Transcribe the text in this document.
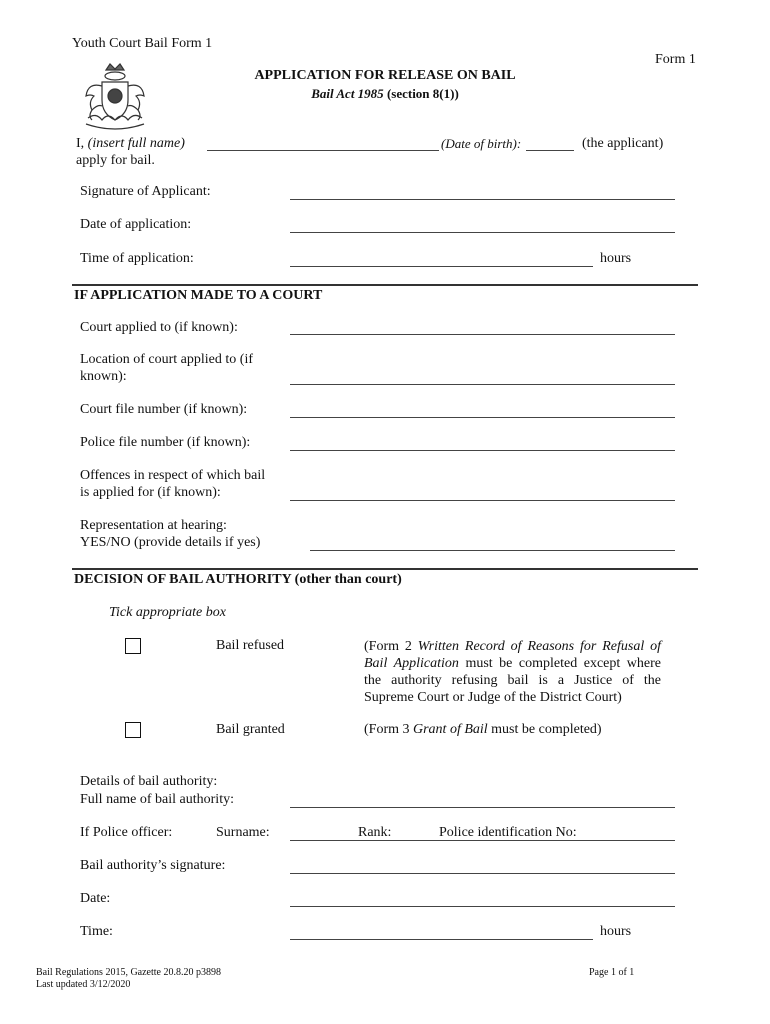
Youth Court Bail Form 1
Form 1
APPLICATION FOR RELEASE ON BAIL
Bail Act 1985 (section 8(1))
I, (insert full name)	(Date of birth):	(the applicant)
apply for bail.
Signature of Applicant:
Date of application:
Time of application:	hours
IF APPLICATION MADE TO A COURT
Court applied to (if known):
Location of court applied to (if
known):
Court file number (if known):
Police file number (if known):
Offences in respect of which bail
is applied for (if known):
Representation at hearing:
YES/NO (provide details if yes)
DECISION OF BAIL AUTHORITY (other than court)
Tick appropriate box
Bail refused	(Form 2 Written Record of Reasons for Refusal of Bail Application must be completed except where the authority refusing bail is a Justice of the Supreme Court or Judge of the District Court)
Bail granted	(Form 3 Grant of Bail must be completed)
Details of bail authority:
Full name of bail authority:
If Police officer:	Surname:	Rank:	Police identification No:
Bail authority’s signature:
Date:
Time:	hours
Bail Regulations 2015, Gazette 20.8.20 p3898
Last updated 3/12/2020
Page 1 of 1
